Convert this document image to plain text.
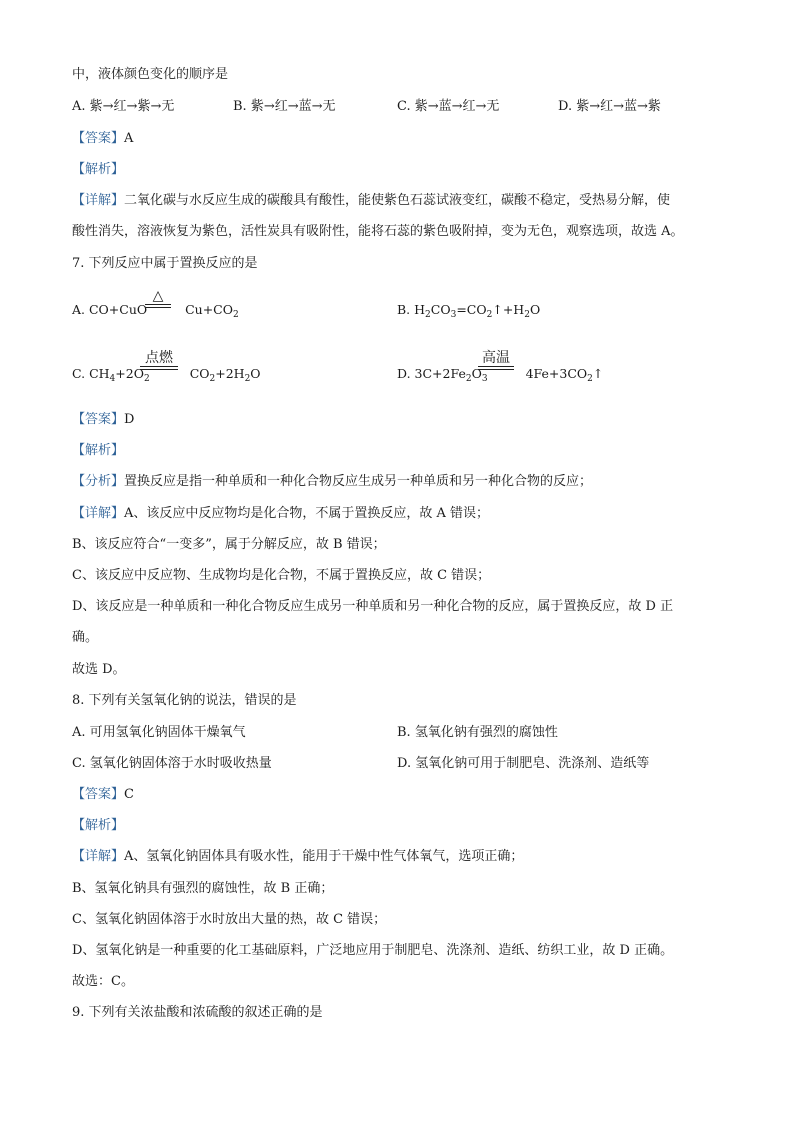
中，液体颜色变化的顺序是
A. 紫→红→紫→无	B. 紫→红→蓝→无	C. 紫→蓝→红→无	D. 紫→红→蓝→紫
【答案】A
【解析】
【详解】二氧化碳与水反应生成的碳酸具有酸性，能使紫色石蕊试液变红，碳酸不稳定，受热易分解，使
酸性消失，溶液恢复为紫色，活性炭具有吸附性，能将石蕊的紫色吸附掉，变为无色，观察选项，故选 A。
7. 下列反应中属于置换反应的是
A. CO+CuO	$Cu+CO_2$
△
B. $H_2CO_3=CO_2↑+H_2O$
C. $CH_4+2O_2$	$CO_2+2H_2O$
点燃
D. $3C+2Fe_2O_3$	$4Fe+3CO_2↑$
高温
【答案】D
【解析】
【分析】置换反应是指一种单质和一种化合物反应生成另一种单质和另一种化合物的反应；
【详解】A、该反应中反应物均是化合物，不属于置换反应，故 A 错误；
B、该反应符合“一变多”，属于分解反应，故 B 错误；
C、该反应中反应物、生成物均是化合物，不属于置换反应，故 C 错误；
D、该反应是一种单质和一种化合物反应生成另一种单质和另一种化合物的反应，属于置换反应，故 D 正
确。
故选 D。
8. 下列有关氢氧化钠的说法，错误的是
A. 可用氢氧化钠固体干燥氧气	B. 氢氧化钠有强烈的腐蚀性
C. 氢氧化钠固体溶于水时吸收热量	D. 氢氧化钠可用于制肥皂、洗涤剂、造纸等
【答案】C
【解析】
【详解】A、氢氧化钠固体具有吸水性，能用于干燥中性气体氧气，选项正确；
B、氢氧化钠具有强烈的腐蚀性，故 B 正确；
C、氢氧化钠固体溶于水时放出大量的热，故 C 错误；
D、氢氧化钠是一种重要的化工基础原料，广泛地应用于制肥皂、洗涤剂、造纸、纺织工业，故 D 正确。
故选：C。
9. 下列有关浓盐酸和浓硫酸的叙述正确的是
